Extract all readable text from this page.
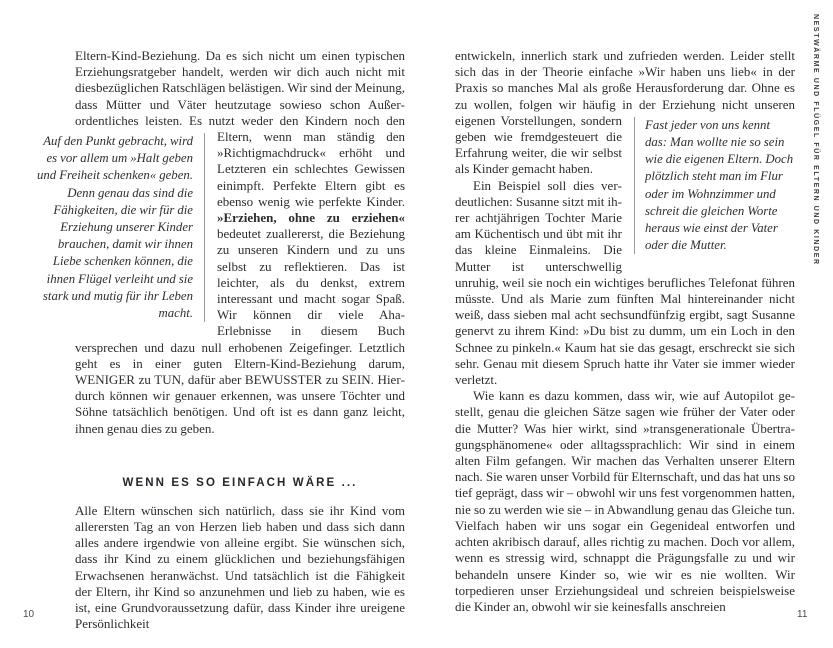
Eltern-Kind-Beziehung. Da es sich nicht um einen typischen Erziehungsratgeber handelt, werden wir dich auch nicht mit diesbezüglichen Ratschlägen belästigen. Wir sind der Meinung, dass Mütter und Väter heutzutage sowieso schon Außerordentliches leisten. Es nutzt weder den Kindern noch den Eltern, wenn man
Auf den Punkt gebracht, wird es vor allem um »Halt geben und Freiheit schenken« geben. Denn genau das sind die Fähigkeiten, die wir für die Erziehung unserer Kinder brauchen, damit wir ihnen Liebe schenken können, die ihnen Flügel verleiht und sie stark und mutig für ihr Leben macht.
ständig den »Richtigmachdruck« erhöht und Letzteren ein schlechtes Gewissen einimpft. Perfekte Eltern gibt es ebenso wenig wie perfekte Kinder. »Erziehen, ohne zu erziehen« bedeutet zuallererst, die Beziehung zu unseren Kindern und zu uns selbst zu reflektieren. Das ist leichter, als du denkst, extrem interessant und macht sogar Spaß. Wir können dir viele Aha-Erlebnisse in diesem Buch versprechen und dazu null erhobenen Zeigefinger. Letztlich geht es in einer guten Eltern-Kind-Beziehung darum, WENIGER zu TUN, dafür aber BEWUSSTER zu SEIN. Hierdurch können wir genauer erkennen, was unsere Töchter und Söhne tatsächlich benötigen. Und oft ist es dann ganz leicht, ihnen genau dies zu geben.

WENN ES SO EINFACH WÄRE ...

Alle Eltern wünschen sich natürlich, dass sie ihr Kind vom allerersten Tag an von Herzen lieb haben und dass sich dann alles andere irgendwie von alleine ergibt. Sie wünschen sich, dass ihr Kind zu einem glücklichen und beziehungsfähigen Erwachsenen heranwächst. Und tatsächlich ist die Fähigkeit der Eltern, ihr Kind so anzunehmen und lieb zu haben, wie es ist, eine Grundvoraussetzung dafür, dass Kinder ihre ureigene Persönlichkeit

entwickeln, innerlich stark und zufrieden werden. Leider stellt sich das in der Theorie einfache »Wir haben uns lieb« in der Praxis so manches Mal als große Herausforderung dar. Ohne es zu wollen, folgen wir häufig in der Erziehung nicht unseren eigenen	Fast jeder von uns kennt das: Man wollte nie so sein wie die eigenen Eltern. Doch plötzlich steht man im Flur oder im Wohnzimmer und schreit die gleichen Worte heraus wie einst der Vater oder die Mutter.
Vorstellungen, sondern geben wie fremdgesteuert die Erfahrung weiter, die wir selbst als Kinder gemacht haben.

Ein Beispiel soll dies verdeutlichen: Susanne sitzt mit ihrer achtjährigen Tochter Marie am Küchentisch und übt mit ihr das kleine Einmaleins. Die Mutter ist unterschwellig unruhig, weil sie noch ein wichtiges berufliches Telefonat führen müsste. Und als Marie zum fünften Mal hintereinander nicht weiß, dass sieben mal acht sechsundfünfzig ergibt, sagt Susanne genervt zu ihrem Kind: »Du bist zu dumm, um ein Loch in den Schnee zu pinkeln.« Kaum hat sie das gesagt, erschreckt sie sich sehr. Genau mit diesem Spruch hatte ihr Vater sie immer wieder verletzt.

Wie kann es dazu kommen, dass wir, wie auf Autopilot gestellt, genau die gleichen Sätze sagen wie früher der Vater oder die Mutter? Was hier wirkt, sind »transgenerationale Übertragungsphänomene« oder alltagssprachlich: Wir sind in einem alten Film gefangen. Wir machen das Verhalten unserer Eltern nach. Sie waren unser Vorbild für Elternschaft, und das hat uns so tief geprägt, dass wir – obwohl wir uns fest vorgenommen hatten, nie so zu werden wie sie – in Abwandlung genau das Gleiche tun. Vielfach haben wir uns sogar ein Gegenideal entworfen und achten akribisch darauf, alles richtig zu machen. Doch vor allem, wenn es stressig wird, schnappt die Prägungsfalle zu und wir behandeln unsere Kinder so, wie wir es nie wollten. Wir torpedieren unser Erziehungsideal und schreien beispielsweise die Kinder an, obwohl wir sie keinesfalls anschreien

NESTWÄRME UND FLÜGEL FÜR ELTERN UND KINDER
10	11
